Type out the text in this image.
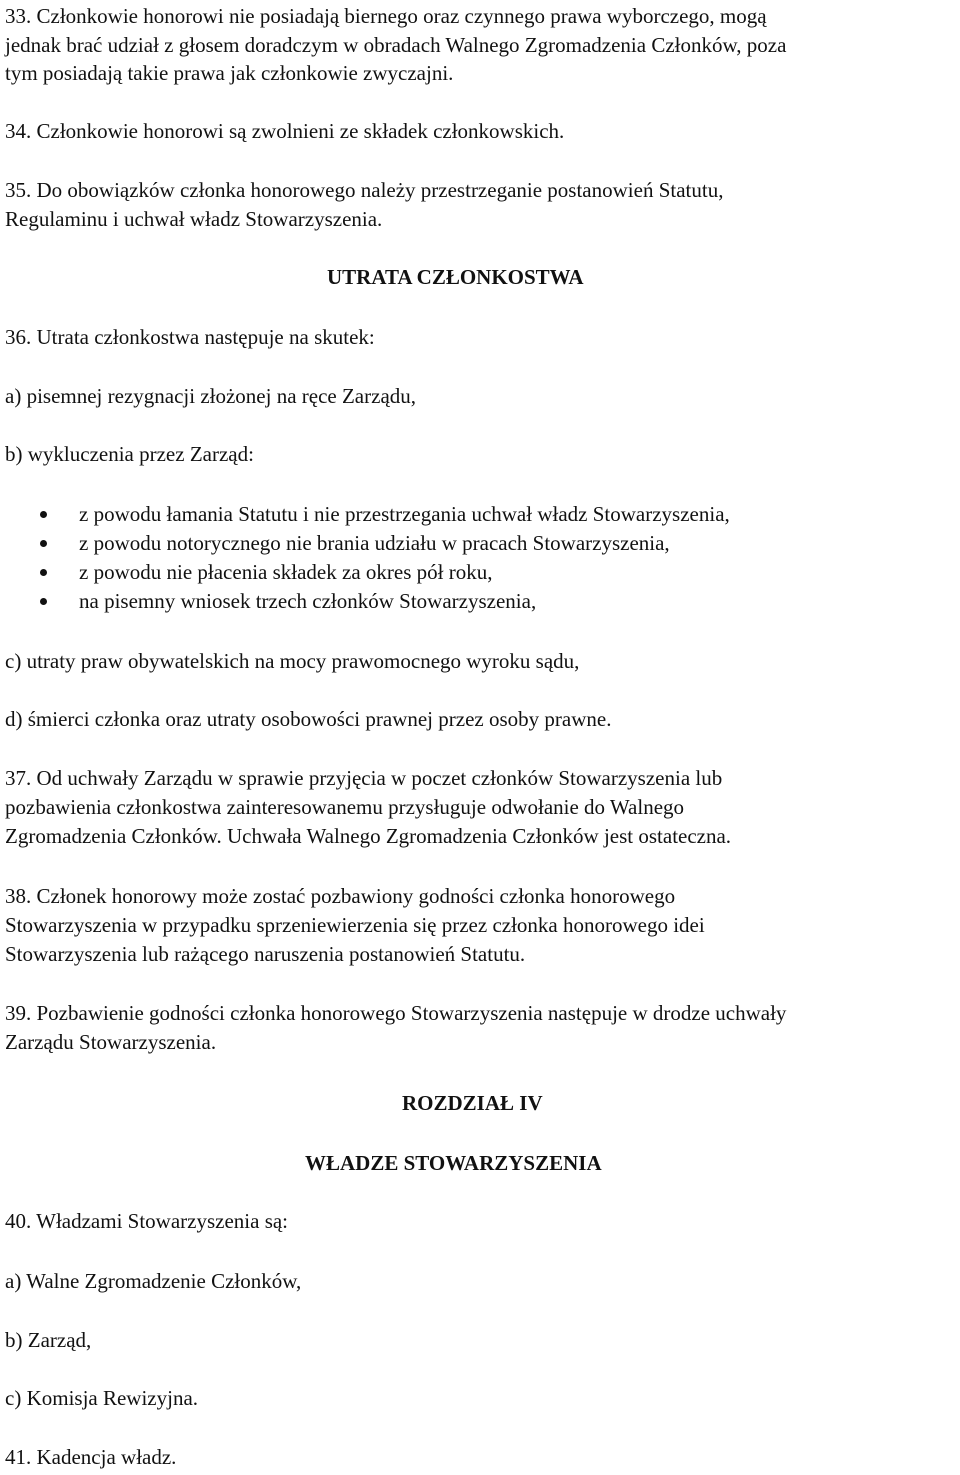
33. Członkowie honorowi nie posiadają biernego oraz czynnego prawa wyborczego, mogą
jednak brać udział z głosem doradczym w obradach Walnego Zgromadzenia Członków, poza
tym posiadają takie prawa jak członkowie zwyczajni.
34. Członkowie honorowi są zwolnieni ze składek członkowskich.
35. Do obowiązków członka honorowego należy przestrzeganie postanowień Statutu,
Regulaminu i uchwał władz Stowarzyszenia.
UTRATA CZŁONKOSTWA
36. Utrata członkostwa następuje na skutek:
a) pisemnej rezygnacji złożonej na ręce Zarządu,
b) wykluczenia przez Zarząd:
z powodu łamania Statutu i nie przestrzegania uchwał władz Stowarzyszenia,
z powodu notorycznego nie brania udziału w pracach Stowarzyszenia,
z powodu nie płacenia składek za okres pół roku,
na pisemny wniosek trzech członków Stowarzyszenia,
c) utraty praw obywatelskich na mocy prawomocnego wyroku sądu,
d) śmierci członka oraz utraty osobowości prawnej przez osoby prawne.
37. Od uchwały Zarządu w sprawie przyjęcia w poczet członków Stowarzyszenia lub
pozbawienia członkostwa zainteresowanemu przysługuje odwołanie do Walnego
Zgromadzenia Członków. Uchwała Walnego Zgromadzenia Członków jest ostateczna.
38. Członek honorowy może zostać pozbawiony godności członka honorowego
Stowarzyszenia w przypadku sprzeniewierzenia się przez członka honorowego idei
Stowarzyszenia lub rażącego naruszenia postanowień Statutu.
39. Pozbawienie godności członka honorowego Stowarzyszenia następuje w drodze uchwały
Zarządu Stowarzyszenia.
ROZDZIAŁ IV
WŁADZE STOWARZYSZENIA
40. Władzami Stowarzyszenia są:
a) Walne Zgromadzenie Członków,
b) Zarząd,
c) Komisja Rewizyjna.
41. Kadencja władz.
